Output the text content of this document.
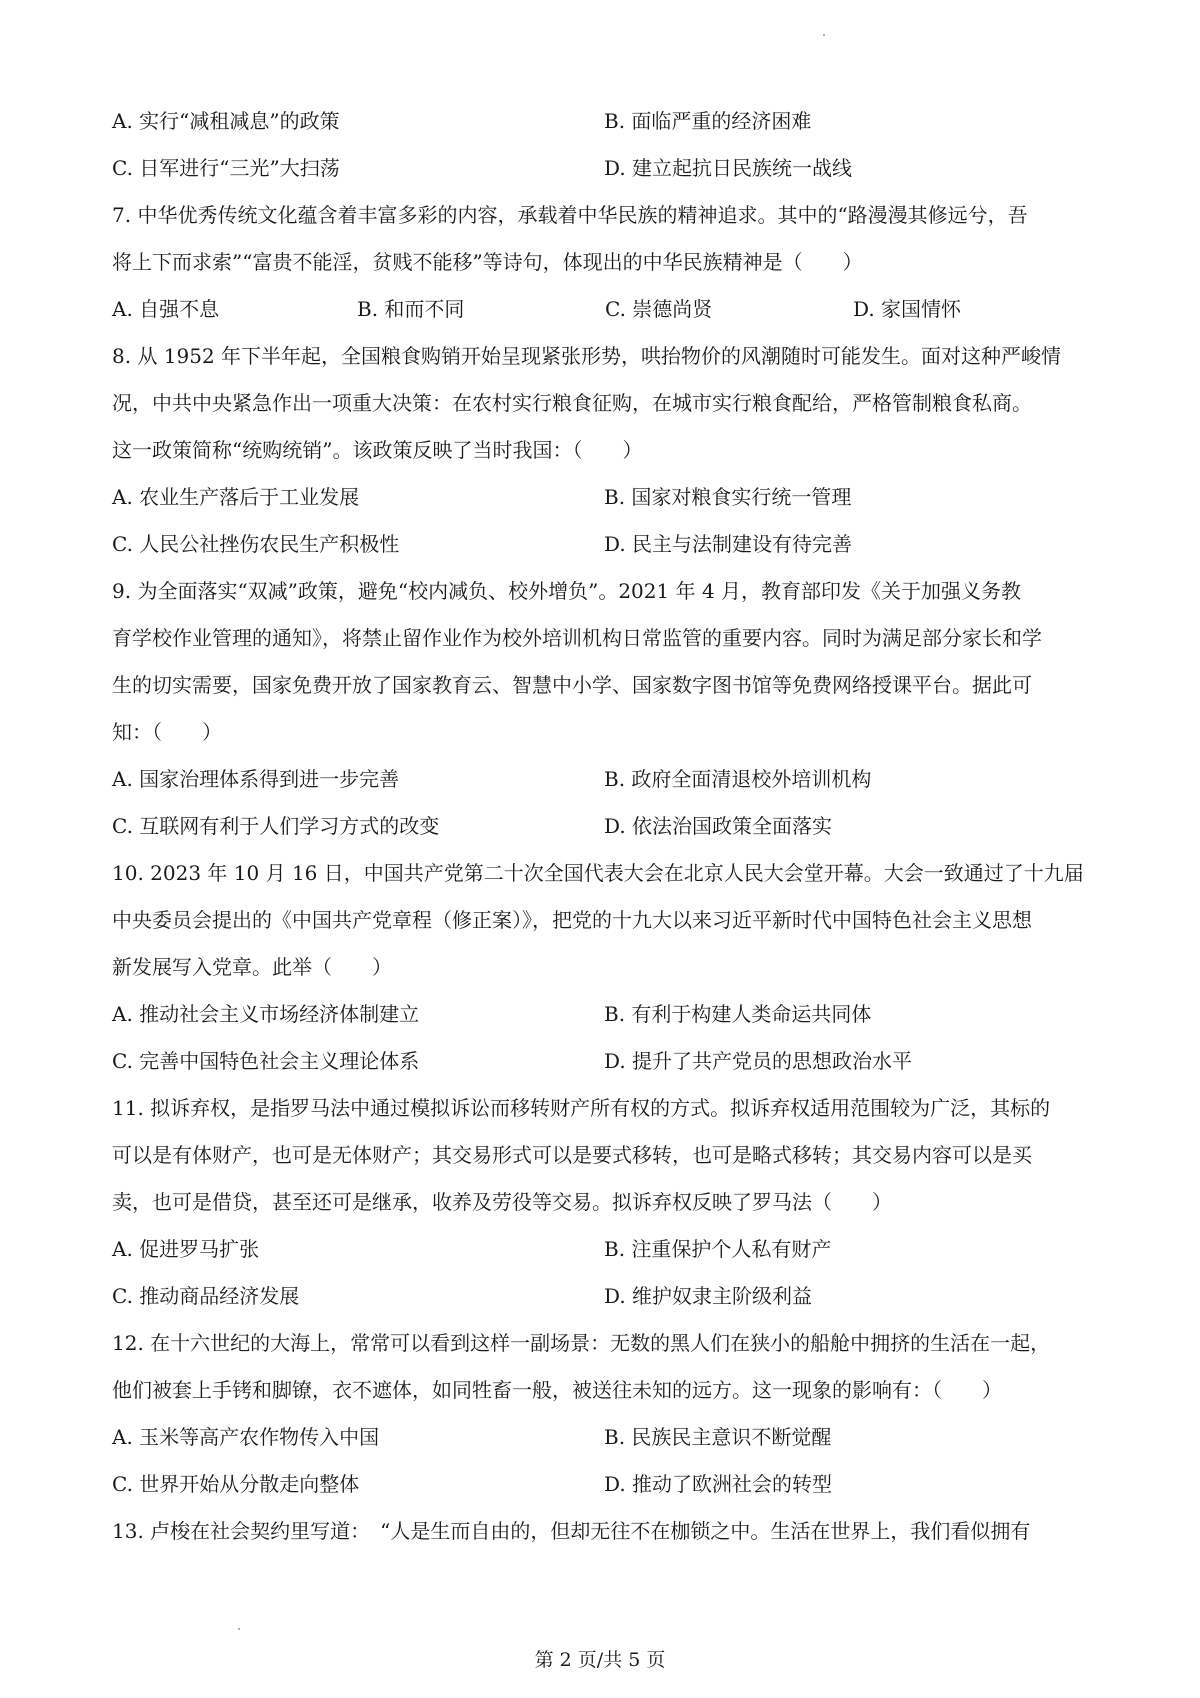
A. 实行“减租减息”的政策	B. 面临严重的经济困难
C. 日军进行“三光”大扫荡	D. 建立起抗日民族统一战线
7. 中华优秀传统文化蕴含着丰富多彩的内容，承载着中华民族的精神追求。其中的“路漫漫其修远兮，吾
将上下而求索”“富贵不能淫，贫贱不能移”等诗句，体现出的中华民族精神是（　　）
A. 自强不息	B. 和而不同	C. 崇德尚贤	D. 家国情怀
8. 从 1952 年下半年起，全国粮食购销开始呈现紧张形势，哄抬物价的风潮随时可能发生。面对这种严峻情
况，中共中央紧急作出一项重大决策：在农村实行粮食征购，在城市实行粮食配给，严格管制粮食私商。
这一政策简称“统购统销”。该政策反映了当时我国：（　　）
A. 农业生产落后于工业发展	B. 国家对粮食实行统一管理
C. 人民公社挫伤农民生产积极性	D. 民主与法制建设有待完善
9. 为全面落实“双减”政策，避免“校内减负、校外增负”。2021 年 4 月，教育部印发《关于加强义务教
育学校作业管理的通知》，将禁止留作业作为校外培训机构日常监管的重要内容。同时为满足部分家长和学
生的切实需要，国家免费开放了国家教育云、智慧中小学、国家数字图书馆等免费网络授课平台。据此可
知：（　　）
A. 国家治理体系得到进一步完善	B. 政府全面清退校外培训机构
C. 互联网有利于人们学习方式的改变	D. 依法治国政策全面落实
10. 2023 年 10 月 16 日，中国共产党第二十次全国代表大会在北京人民大会堂开幕。大会一致通过了十九届
中央委员会提出的《中国共产党章程（修正案）》，把党的十九大以来习近平新时代中国特色社会主义思想
新发展写入党章。此举（　　）
A. 推动社会主义市场经济体制建立	B. 有利于构建人类命运共同体
C. 完善中国特色社会主义理论体系	D. 提升了共产党员的思想政治水平
11. 拟诉弃权，是指罗马法中通过模拟诉讼而移转财产所有权的方式。拟诉弃权适用范围较为广泛，其标的
可以是有体财产，也可是无体财产；其交易形式可以是要式移转，也可是略式移转；其交易内容可以是买
卖，也可是借贷，甚至还可是继承，收养及劳役等交易。拟诉弃权反映了罗马法（　　）
A. 促进罗马扩张	B. 注重保护个人私有财产
C. 推动商品经济发展	D. 维护奴隶主阶级利益
12. 在十六世纪的大海上，常常可以看到这样一副场景：无数的黑人们在狭小的船舱中拥挤的生活在一起，
他们被套上手铐和脚镣，衣不遮体，如同牲畜一般，被送往未知的远方。这一现象的影响有：（　　）
A. 玉米等高产农作物传入中国	B. 民族民主意识不断觉醒
C. 世界开始从分散走向整体	D. 推动了欧洲社会的转型
13. 卢梭在社会契约里写道：　“人是生而自由的，但却无往不在枷锁之中。生活在世界上，我们看似拥有
第 2 页/共 5 页
